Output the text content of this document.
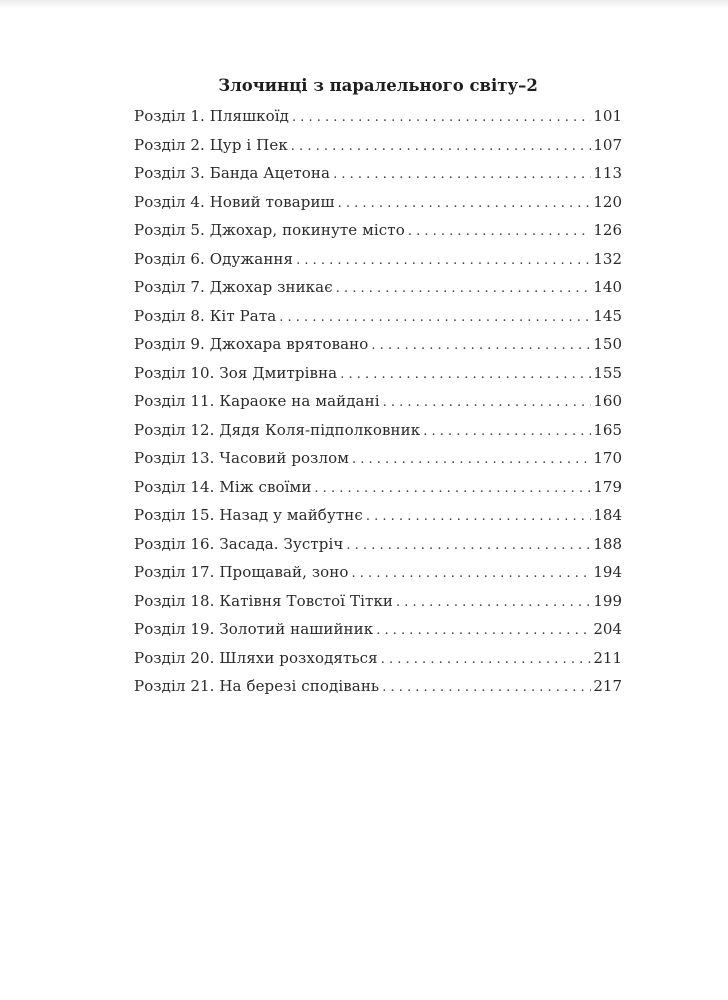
Злочинці з паралельного світу–2
Розділ 1. Пляшкоїд . . .	101
Розділ 2. Цур і Пек . . .	107
Розділ 3. Банда Ацетона . . .	113
Розділ 4. Новий товариш . . .	120
Розділ 5. Джохар, покинуте місто . . .	126
Розділ 6. Одужання . . .	132
Розділ 7. Джохар зникає . . .	140
Розділ 8. Кіт Рата . . .	145
Розділ 9. Джохара врятовано . . .	150
Розділ 10. Зоя Дмитрівна . . .	155
Розділ 11. Караоке на майдані . . .	160
Розділ 12. Дядя Коля-підполковник . . .	165
Розділ 13. Часовий розлом . . .	170
Розділ 14. Між своїми . . .	179
Розділ 15. Назад у майбутнє . . .	184
Розділ 16. Засада. Зустріч . . .	188
Розділ 17. Прощавай, зоно . . .	194
Розділ 18. Катівня Товстої Тітки . . .	199
Розділ 19. Золотий нашийник . . .	204
Розділ 20. Шляхи розходяться . . .	211
Розділ 21. На березі сподівань . . .	217
